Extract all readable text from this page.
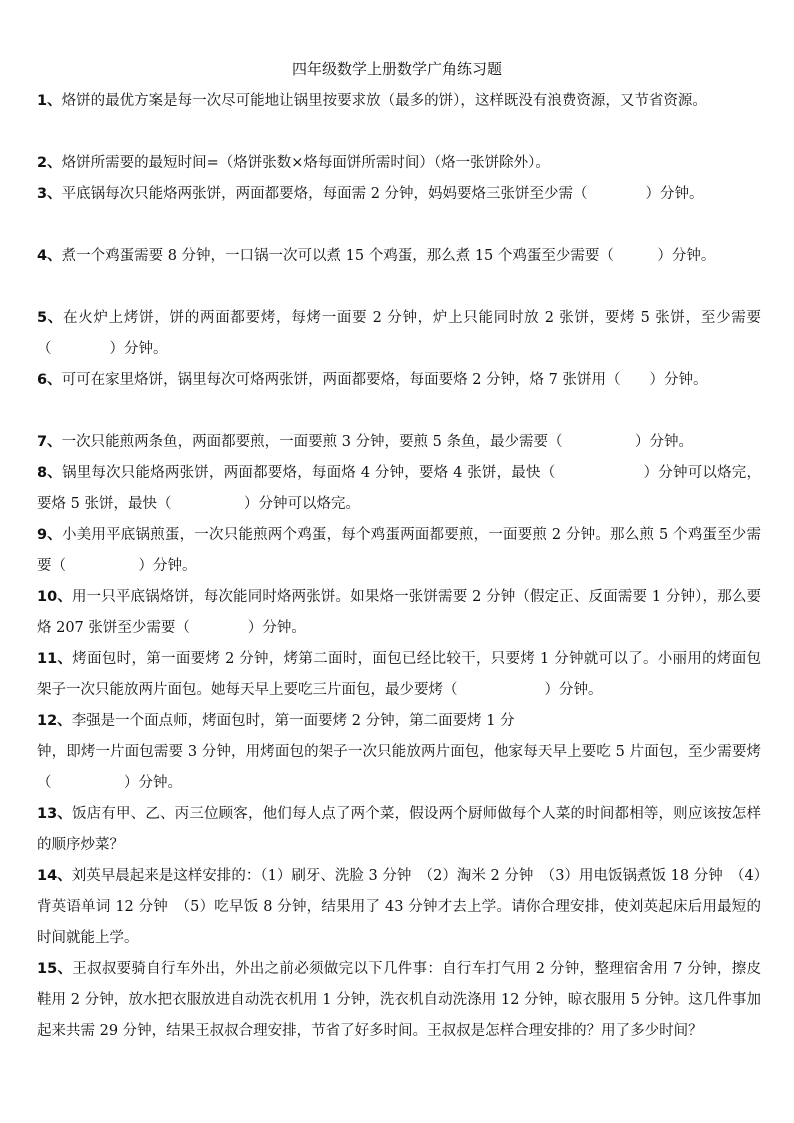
四年级数学上册数学广角练习题

1、烙饼的最优方案是每一次尽可能地让锅里按要求放（最多的饼），这样既没有浪费资源，又节省资源。

2、烙饼所需要的最短时间=（烙饼张数×烙每面饼所需时间）（烙一张饼除外）。

3、平底锅每次只能烙两张饼，两面都要烙，每面需 2 分钟，妈妈要烙三张饼至少需（　　　　）分钟。

4、煮一个鸡蛋需要 8 分钟，一口锅一次可以煮 15 个鸡蛋，那么煮 15 个鸡蛋至少需要（　　　）分钟。

5、在火炉上烤饼，饼的两面都要烤，每烤一面要 2 分钟，炉上只能同时放 2 张饼，要烤 5 张饼，至少需要（　　　　）分钟。

6、可可在家里烙饼，锅里每次可烙两张饼，两面都要烙，每面要烙 2 分钟，烙 7 张饼用（　　）分钟。

7、一次只能煎两条鱼，两面都要煎，一面要煎 3 分钟，要煎 5 条鱼，最少需要（　　　　　）分钟。

8、锅里每次只能烙两张饼，两面都要烙，每面烙 4 分钟，要烙 4 张饼，最快（　　　　　　）分钟可以烙完，要烙 5 张饼，最快（　　　　　）分钟可以烙完。

9、小美用平底锅煎蛋，一次只能煎两个鸡蛋，每个鸡蛋两面都要煎，一面要煎 2 分钟。那么煎 5 个鸡蛋至少需要（　　　　　）分钟。

10、用一只平底锅烙饼，每次能同时烙两张饼。如果烙一张饼需要 2 分钟（假定正、反面需要 1 分钟），那么要烙 207 张饼至少需要（　　　　）分钟。

11、烤面包时，第一面要烤 2 分钟，烤第二面时，面包已经比较干，只要烤 1 分钟就可以了。小丽用的烤面包架子一次只能放两片面包。她每天早上要吃三片面包，最少要烤（　　　　　　）分钟。

12、李强是一个面点师，烤面包时，第一面要烤 2 分钟，第二面要烤 1 分

钟，即烤一片面包需要 3 分钟，用烤面包的架子一次只能放两片面包，他家每天早上要吃 5 片面包，至少需要烤（　　　　　）分钟。

13、饭店有甲、乙、丙三位顾客，他们每人点了两个菜，假设两个厨师做每个人菜的时间都相等，则应该按怎样的顺序炒菜？

14、刘英早晨起来是这样安排的：（1）刷牙、洗脸 3 分钟　（2）淘米 2 分钟　（3）用电饭锅煮饭 18 分钟　（4）背英语单词 12 分钟　（5）吃早饭 8 分钟，结果用了 43 分钟才去上学。请你合理安排，使刘英起床后用最短的时间就能上学。

15、王叔叔要骑自行车外出，外出之前必须做完以下几件事：自行车打气用 2 分钟，整理宿舍用 7 分钟，擦皮鞋用 2 分钟，放水把衣服放进自动洗衣机用 1 分钟，洗衣机自动洗涤用 12 分钟，晾衣服用 5 分钟。这几件事加起来共需 29 分钟，结果王叔叔合理安排，节省了好多时间。王叔叔是怎样合理安排的？用了多少时间？
